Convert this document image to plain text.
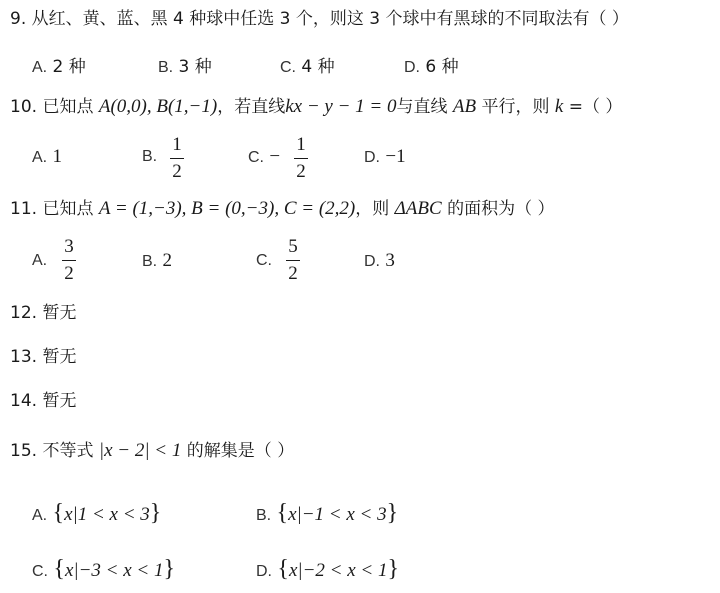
9. 从红、黄、蓝、黑 4 种球中任选 3 个，则这 3 个球中有黑球的不同取法有（ ）
A. 2 种	B. 3 种	C. 4 种	D. 6 种
10. 已知点 A(0,0), B(1,−1)，若直线kx − y − 1 = 0与直线 AB 平行，则 k =（ ）
A. 1	B.
1
2
C. −
1
2
D. −1
11. 已知点 A = (1,−3), B = (0,−3), C = (2,2)，则 ΔABC 的面积为（ ）
A.
3
2
B. 2	C.
5
2
D. 3
12. 暂无
13. 暂无
14. 暂无
15. 不等式 |x − 2| < 1 的解集是（ ）
A. {x|1 < x < 3}	B. {x|−1 < x < 3}
C. {x|−3 < x < 1}	D. {x|−2 < x < 1}
